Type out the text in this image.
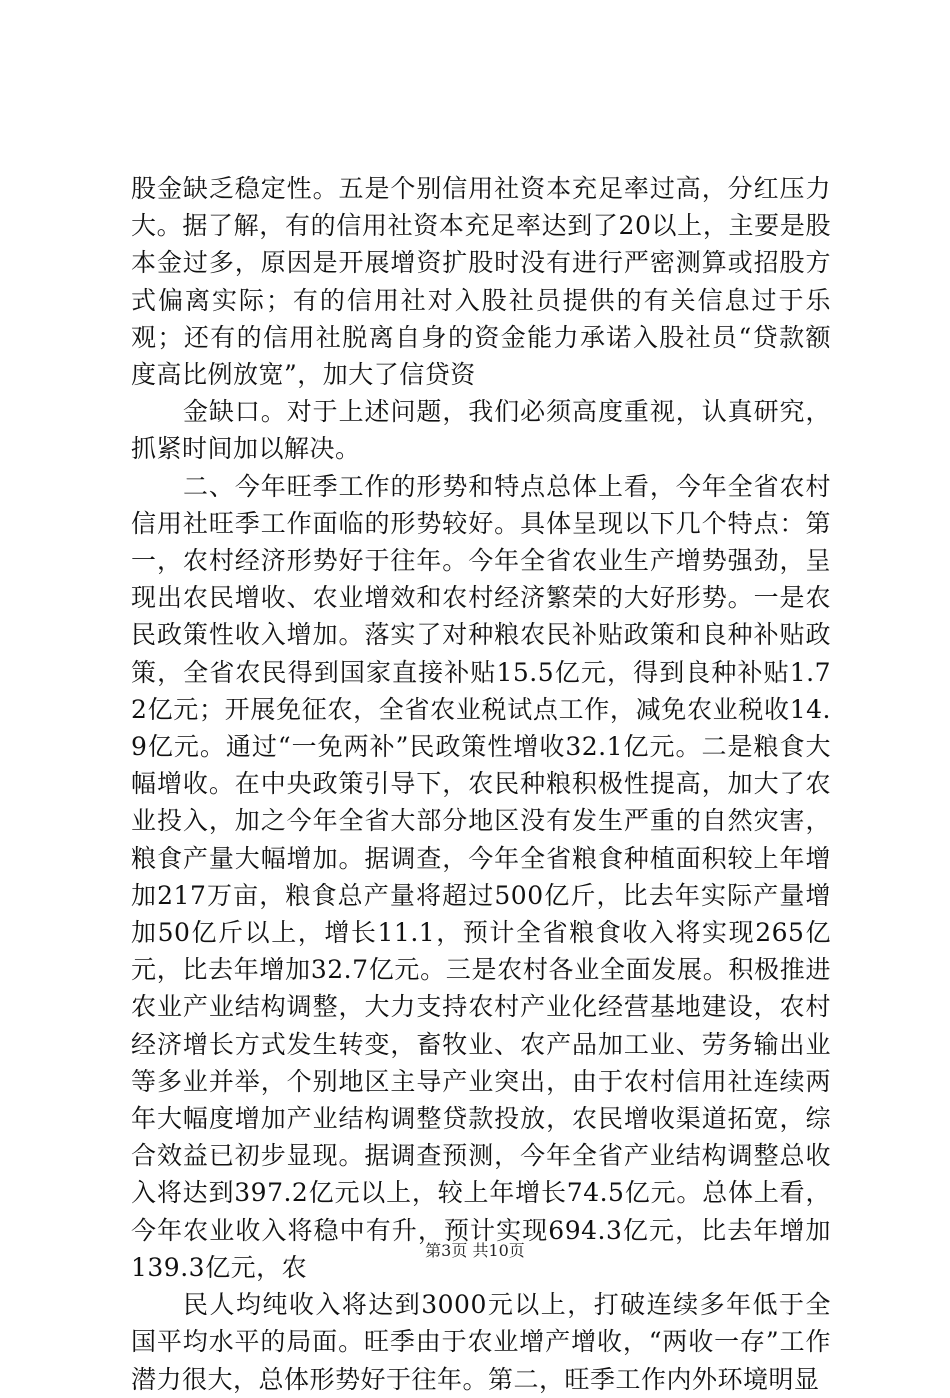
股金缺乏稳定性。五是个别信用社资本充足率过高，分红压力大。据了解，有的信用社资本充足率达到了20以上，主要是股本金过多，原因是开展增资扩股时没有进行严密测算或招股方式偏离实际；有的信用社对入股社员提供的有关信息过于乐观；还有的信用社脱离自身的资金能力承诺入股社员“贷款额度高比例放宽”，加大了信贷资

金缺口。对于上述问题，我们必须高度重视，认真研究，抓紧时间加以解决。

二、今年旺季工作的形势和特点总体上看，今年全省农村信用社旺季工作面临的形势较好。具体呈现以下几个特点：第一，农村经济形势好于往年。今年全省农业生产增势强劲，呈现出农民增收、农业增效和农村经济繁荣的大好形势。一是农民政策性收入增加。落实了对种粮农民补贴政策和良种补贴政策，全省农民得到国家直接补贴15.5亿元，得到良种补贴1.72亿元；开展免征农，全省农业税试点工作，减免农业税收14.9亿元。通过“一免两补”民政策性增收32.1亿元。二是粮食大幅增收。在中央政策引导下，农民种粮积极性提高，加大了农业投入，加之今年全省大部分地区没有发生严重的自然灾害，粮食产量大幅增加。据调查，今年全省粮食种植面积较上年增加217万亩，粮食总产量将超过500亿斤，比去年实际产量增加50亿斤以上，增长11.1，预计全省粮食收入将实现265亿元，比去年增加32.7亿元。三是农村各业全面发展。积极推进农业产业结构调整，大力支持农村产业化经营基地建设，农村经济增长方式发生转变，畜牧业、农产品加工业、劳务输出业等多业并举，个别地区主导产业突出，由于农村信用社连续两年大幅度增加产业结构调整贷款投放，农民增收渠道拓宽，综合效益已初步显现。据调查预测，今年全省产业结构调整总收入将达到397.2亿元以上，较上年增长74.5亿元。总体上看，今年农业收入将稳中有升，预计实现694.3亿元，比去年增加139.3亿元，农

民人均纯收入将达到3000元以上，打破连续多年低于全国平均水平的局面。旺季由于农业增产增收，“两收一存”工作潜力很大，总体形势好于往年。第二，旺季工作内外环境明显

第3页 共10页
